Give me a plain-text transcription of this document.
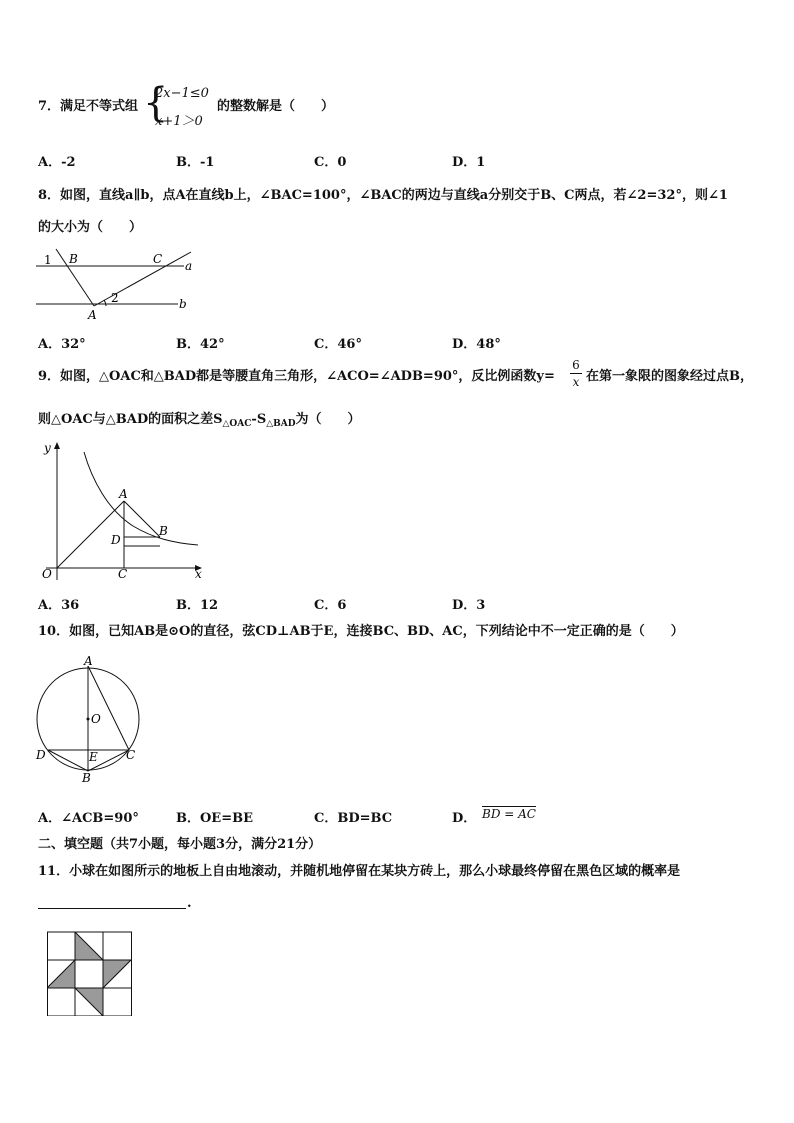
7．满足不等式组 {
2x−1≤0
x+1＞0
的整数解是（　　）
A．-2	B．-1	C．0	D．1
8．如图，直线a∥b，点A在直线b上，∠BAC=100°，∠BAC的两边与直线a分别交于B、C两点，若∠2=32°，则∠1
的大小为（　　）
1 B	C a
A
2	b
A．32°	B．42°	C．46°	D．48°
9．如图，△OAC和△BAD都是等腰直角三角形，∠ACO=∠ADB=90°，反比例函数y=
6
x 在第一象限的图象经过点B，
则△OAC与△BAD的面积之差$S_{\triangle OAC}-S_{\triangle BAD}$为（　　）
y
x
O
A
B
C
D
A．36	B．12	C．6	D．3
10．如图，已知AB是⊙O的直径，弦CD⊥AB于E，连接BC、BD、AC，下列结论中不一定正确的是（　　）
A
O
D	E C
B
A．∠ACB=90°	B．OE=BE	C．BD=BC	D． BD = AC
二、填空题（共7小题，每小题3分，满分21分）
11．小球在如图所示的地板上自由地滚动，并随机地停留在某块方砖上，那么小球最终停留在黑色区域的概率是
.
